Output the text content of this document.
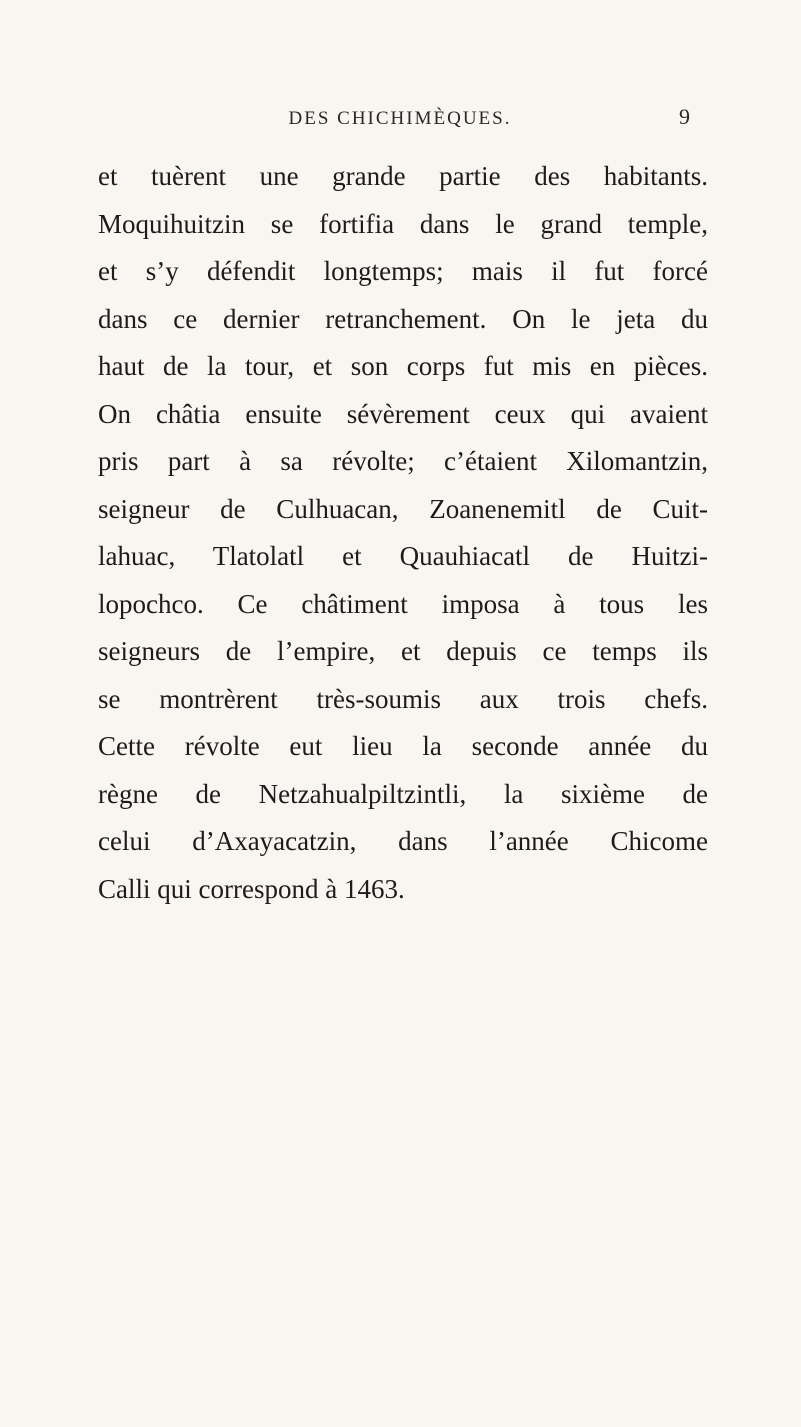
DES CHICHIMÈQUES.	9
et tuèrent une grande partie des habitants.
Moquihuitzin se fortifia dans le grand temple,
et s’y défendit longtemps; mais il fut forcé
dans ce dernier retranchement. On le jeta du
haut de la tour, et son corps fut mis en pièces.
On châtia ensuite sévèrement ceux qui avaient
pris part à sa révolte; c’étaient Xilomantzin,
seigneur de Culhuacan, Zoanenemitl de Cuit-
lahuac, Tlatolatl et Quauhiacatl de Huitzi-
lopochco. Ce châtiment imposa à tous les
seigneurs de l’empire, et depuis ce temps ils
se montrèrent très-soumis aux trois chefs.
Cette révolte eut lieu la seconde année du
règne de Netzahualpiltzintli, la sixième de
celui d’Axayacatzin, dans l’année Chicome
Calli qui correspond à 1463.
